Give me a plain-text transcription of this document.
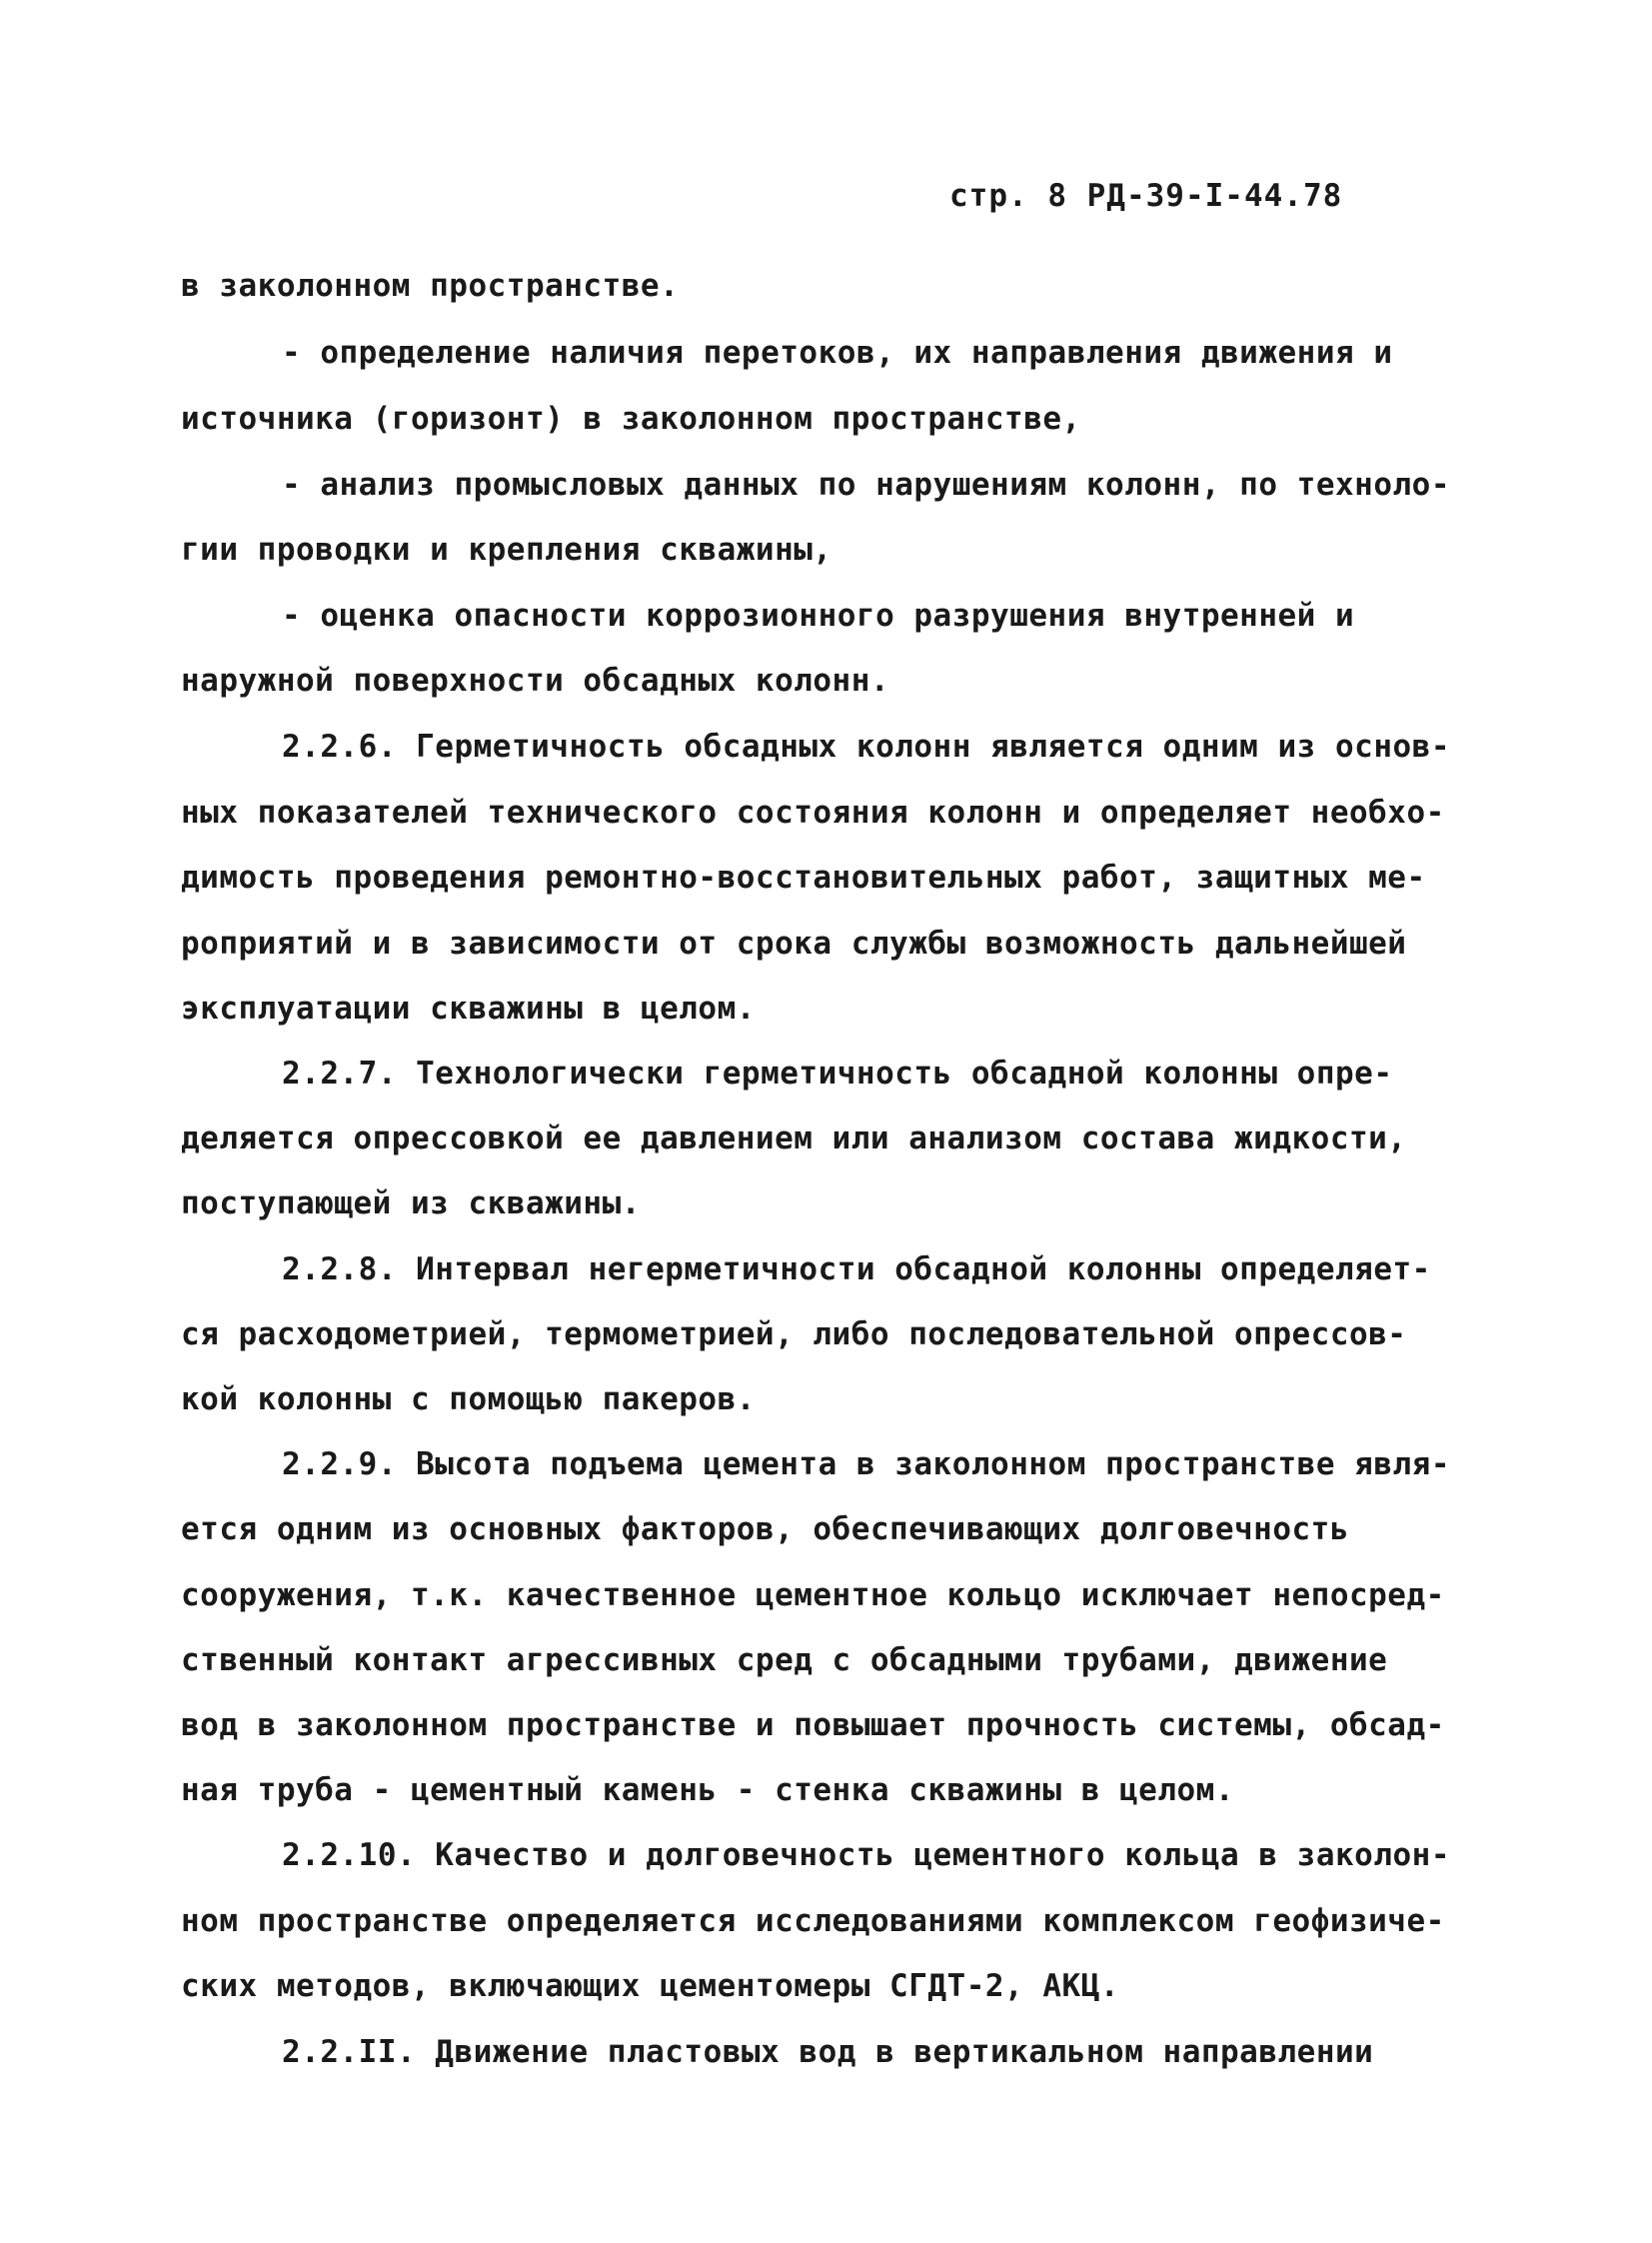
стр. 8 РД-39-I-44.78
в заколонном пространстве.
- определение наличия перетоков, их направления движения и
источника (горизонт) в заколонном пространстве,
- анализ промысловых данных по нарушениям колонн, по техноло-
гии проводки и крепления скважины,
- оценка опасности коррозионного разрушения внутренней и
наружной поверхности обсадных колонн.
2.2.6. Герметичность обсадных колонн является одним из основ-
ных показателей технического состояния колонн и определяет необхо-
димость проведения ремонтно-восстановительных работ, защитных ме-
роприятий и в зависимости от срока службы возможность дальнейшей
эксплуатации скважины в целом.
2.2.7. Технологически герметичность обсадной колонны опре-
деляется опрессовкой ее давлением или анализом состава жидкости,
поступающей из скважины.
2.2.8. Интервал негерметичности обсадной колонны определяет-
ся расходометрией, термометрией, либо последовательной опрессов-
кой колонны с помощью пакеров.
2.2.9. Высота подъема цемента в заколонном пространстве явля-
ется одним из основных факторов, обеспечивающих долговечность
сооружения, т.к. качественное цементное кольцо исключает непосред-
ственный контакт агрессивных сред с обсадными трубами, движение
вод в заколонном пространстве и повышает прочность системы, обсад-
ная труба - цементный камень - стенка скважины в целом.
2.2.10. Качество и долговечность цементного кольца в заколон-
ном пространстве определяется исследованиями комплексом геофизиче-
ских методов, включающих цементомеры СГДТ-2, АКЦ.
2.2.II. Движение пластовых вод в вертикальном направлении
